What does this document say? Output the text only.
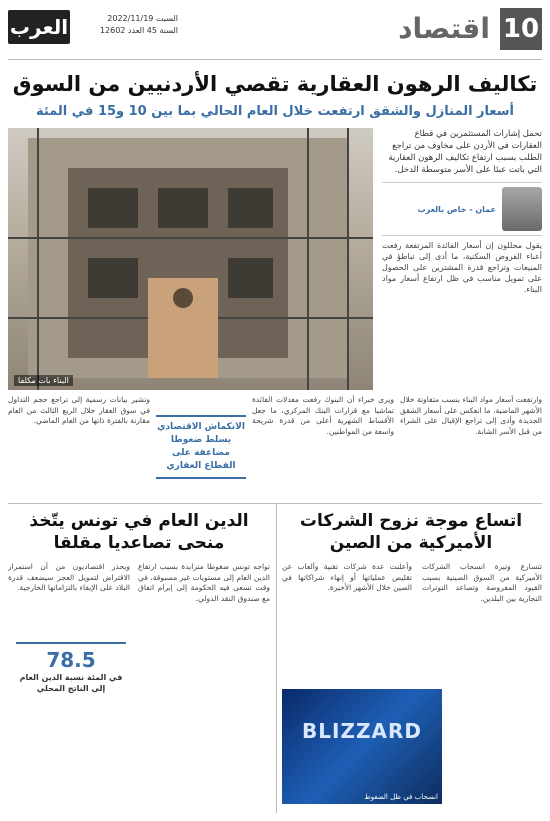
10
اقتصاد
العرب	السبت 2022/11/19
السنة 45 العدد 12602
تكاليف الرهون العقارية تقصي الأردنيين من السوق
أسعار المنازل والشقق ارتفعت خلال العام الحالي بما بين 10 و15 في المئة
البناء بات مكلفا

تحمل إشارات المستثمرين في قطاع العقارات في الأردن على مخاوف من تراجع الطلب بسبب ارتفاع تكاليف الرهون العقارية التي باتت عبئا على الأسر متوسطة الدخل.

عمان - خاص بالعرب

يقول محللون إن أسعار الفائدة المرتفعة رفعت أعباء القروض السكنية، ما أدى إلى تباطؤ في المبيعات وتراجع قدرة المشترين على الحصول على تمويل مناسب في ظل ارتفاع أسعار مواد البناء.

وارتفعت أسعار مواد البناء بنسب متفاوتة خلال الأشهر الماضية، ما انعكس على أسعار الشقق الجديدة وأدى إلى تراجع الإقبال على الشراء من قبل الأسر الشابة.
ويرى خبراء أن البنوك رفعت معدلات الفائدة تماشيا مع قرارات البنك المركزي، ما جعل الأقساط الشهرية أعلى من قدرة شريحة واسعة من المواطنين.
الانكماش الاقتصادي يسلط ضغوطا مضاعفة على القطاع العقاري
وتشير بيانات رسمية إلى تراجع حجم التداول في سوق العقار خلال الربع الثالث من العام مقارنة بالفترة ذاتها من العام الماضي.
اتساع موجة نزوح الشركات الأميركية من الصين
تتسارع وتيرة انسحاب الشركات الأميركية من السوق الصينية بسبب القيود المفروضة وتصاعد التوترات التجارية بين البلدين.
وأعلنت عدة شركات تقنية وألعاب عن تقليص عملياتها أو إنهاء شراكاتها في الصين خلال الأشهر الأخيرة.
BLIZZARD
انسحاب في ظل الضغوط
الدين العام في تونس يتّخذ منحى تصاعديا مقلقا
تواجه تونس ضغوطا متزايدة بسبب ارتفاع الدين العام إلى مستويات غير مسبوقة، في وقت تسعى فيه الحكومة إلى إبرام اتفاق مع صندوق النقد الدولي.
ويحذر اقتصاديون من أن استمرار الاقتراض لتمويل العجز سيضعف قدرة البلاد على الإيفاء بالتزاماتها الخارجية.
78.5
في المئة نسبة الدين العام إلى الناتج المحلي
